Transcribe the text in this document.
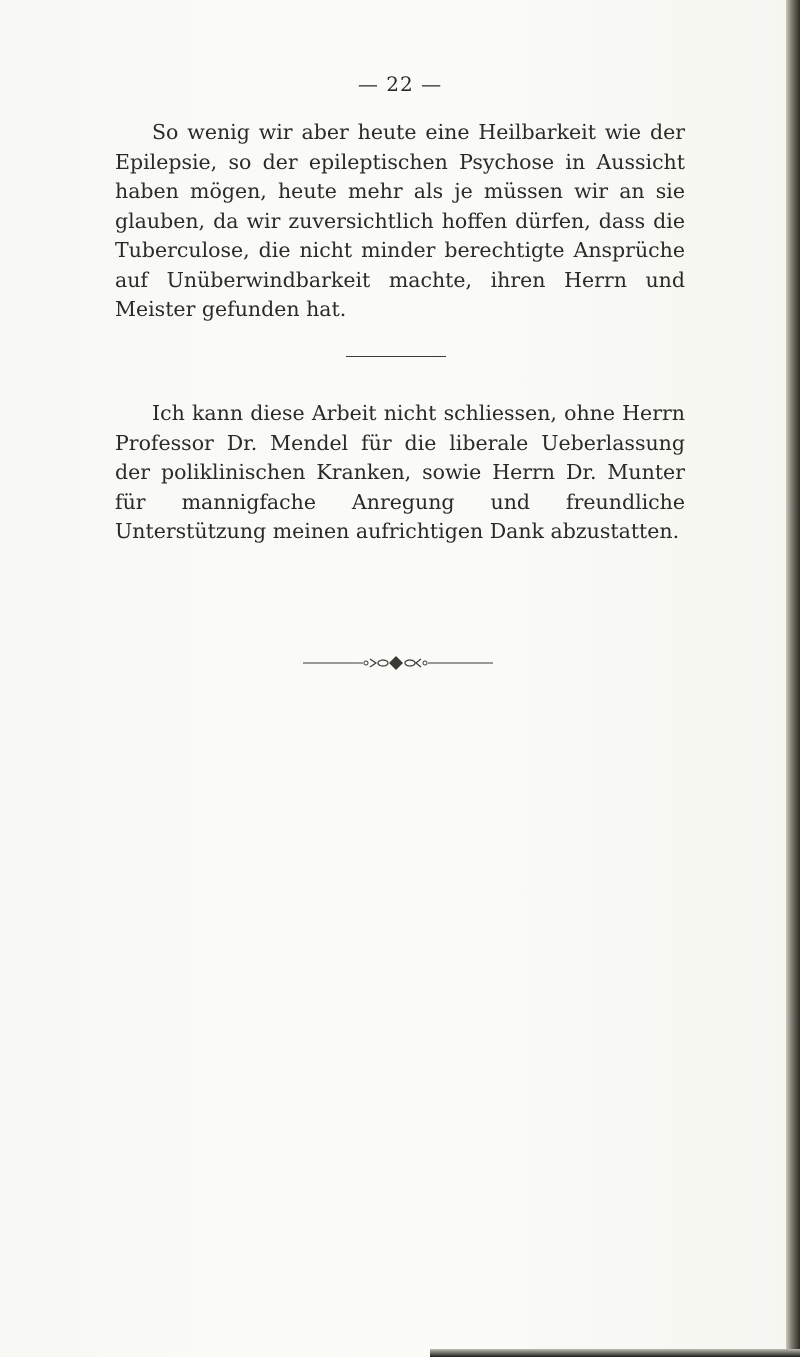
— 22 —

So wenig wir aber heute eine Heilbarkeit wie der Epilepsie, so der epileptischen Psychose in Aussicht haben mögen, heute mehr als je müssen wir an sie glauben, da wir zuversichtlich hoffen dürfen, dass die Tuberculose, die nicht minder berechtigte Ansprüche auf Unüberwindbarkeit machte, ihren Herrn und Meister gefunden hat.

Ich kann diese Arbeit nicht schliessen, ohne Herrn Professor Dr. Mendel für die liberale Ueberlassung der poliklinischen Kranken, sowie Herrn Dr. Munter für mannigfache Anregung und freundliche Unterstützung meinen aufrichtigen Dank abzustatten.
